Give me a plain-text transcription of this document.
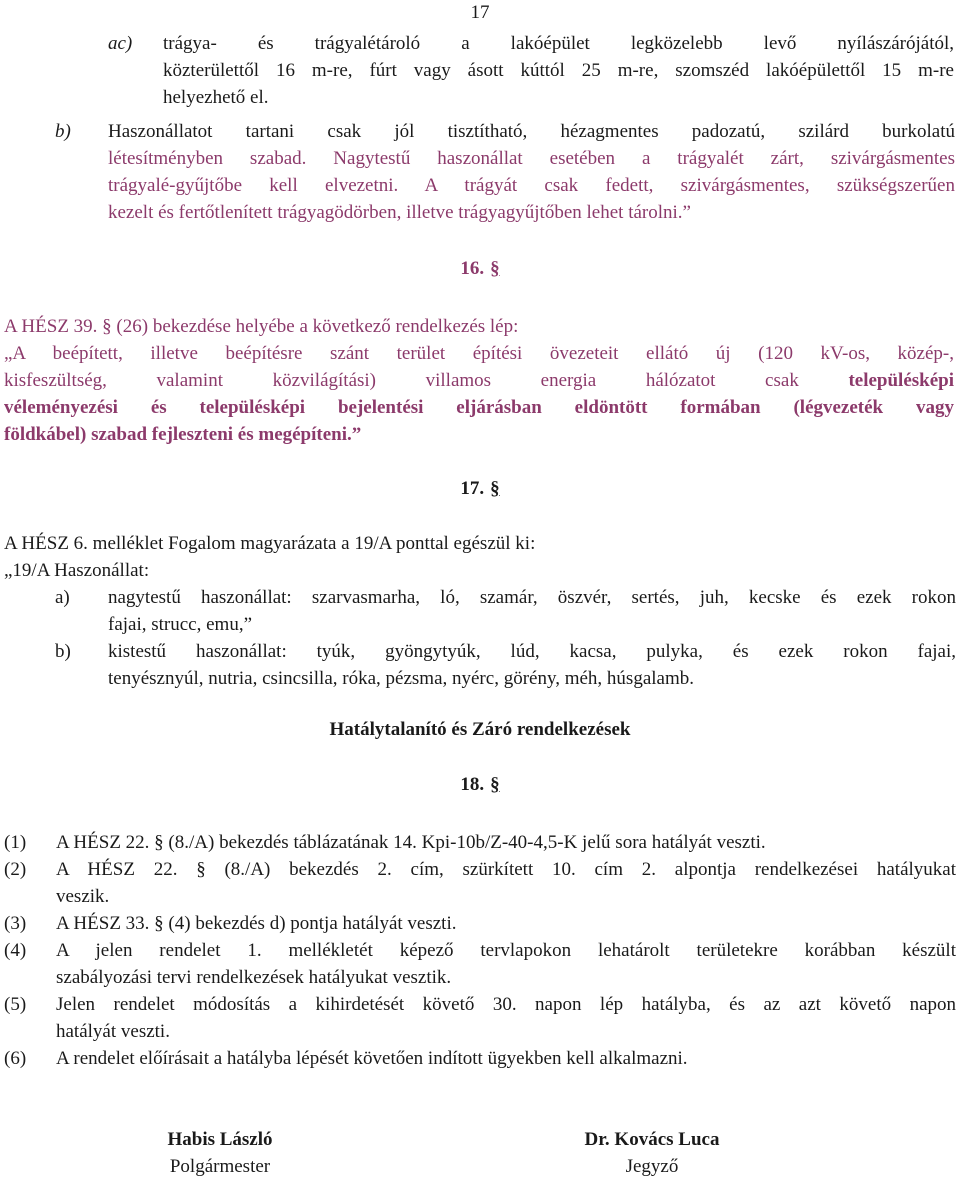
17
ac) trágya- és trágyalétároló a lakóépület legközelebb levő nyílászárójától,
közterülettől 16 m-re, fúrt vagy ásott kúttól 25 m-re, szomszéd lakóépülettől 15 m-re
helyezhető el.
b) Haszonállatot tartani csak jól tisztítható, hézagmentes padozatú, szilárd burkolatú
létesítményben szabad. Nagytestű haszonállat esetében a trágyalét zárt, szivárgásmentes
trágyalé-gyűjtőbe kell elvezetni. A trágyát csak fedett, szivárgásmentes, szükségszerűen
kezelt és fertőtlenített trágyagödörben, illetve trágyagyűjtőben lehet tárolni.”
16. §
A HÉSZ 39. § (26) bekezdése helyébe a következő rendelkezés lép:
„A beépített, illetve beépítésre szánt terület építési övezeteit ellátó új (120 kV-os, közép-,
kisfeszültség, valamint közvilágítási) villamos energia hálózatot csak	településképi
véleményezési és településképi bejelentési eljárásban eldöntött formában (légvezeték vagy
földkábel) szabad fejleszteni és megépíteni.”
17. §
A HÉSZ 6. melléklet Fogalom magyarázata a 19/A ponttal egészül ki:
„19/A Haszonállat:
a) nagytestű haszonállat: szarvasmarha, ló, szamár, öszvér, sertés, juh, kecske és ezek rokon
fajai, strucc, emu,”
b) kistestű haszonállat: tyúk, gyöngytyúk, lúd, kacsa, pulyka, és ezek rokon fajai,
tenyésznyúl, nutria, csincsilla, róka, pézsma, nyérc, görény, méh, húsgalamb.
Hatálytalanító és Záró rendelkezések
18. §
(1) A HÉSZ 22. § (8./A) bekezdés táblázatának 14. Kpi-10b/Z-40-4,5-K jelű sora hatályát veszti.
(2) A HÉSZ 22. § (8./A) bekezdés 2. cím, szürkített 10. cím 2. alpontja rendelkezései hatályukat
veszik.
(3) A HÉSZ 33. § (4) bekezdés d) pontja hatályát veszti.
(4) A jelen rendelet 1. mellékletét képező tervlapokon lehatárolt területekre korábban készült
szabályozási tervi rendelkezések hatályukat vesztik.
(5) Jelen rendelet módosítás a kihirdetését követő 30. napon lép hatályba, és az azt követő napon
hatályát veszti.
(6) A rendelet előírásait a hatályba lépését követően indított ügyekben kell alkalmazni.
Habis László
Polgármester
Dr. Kovács Luca
Jegyző
